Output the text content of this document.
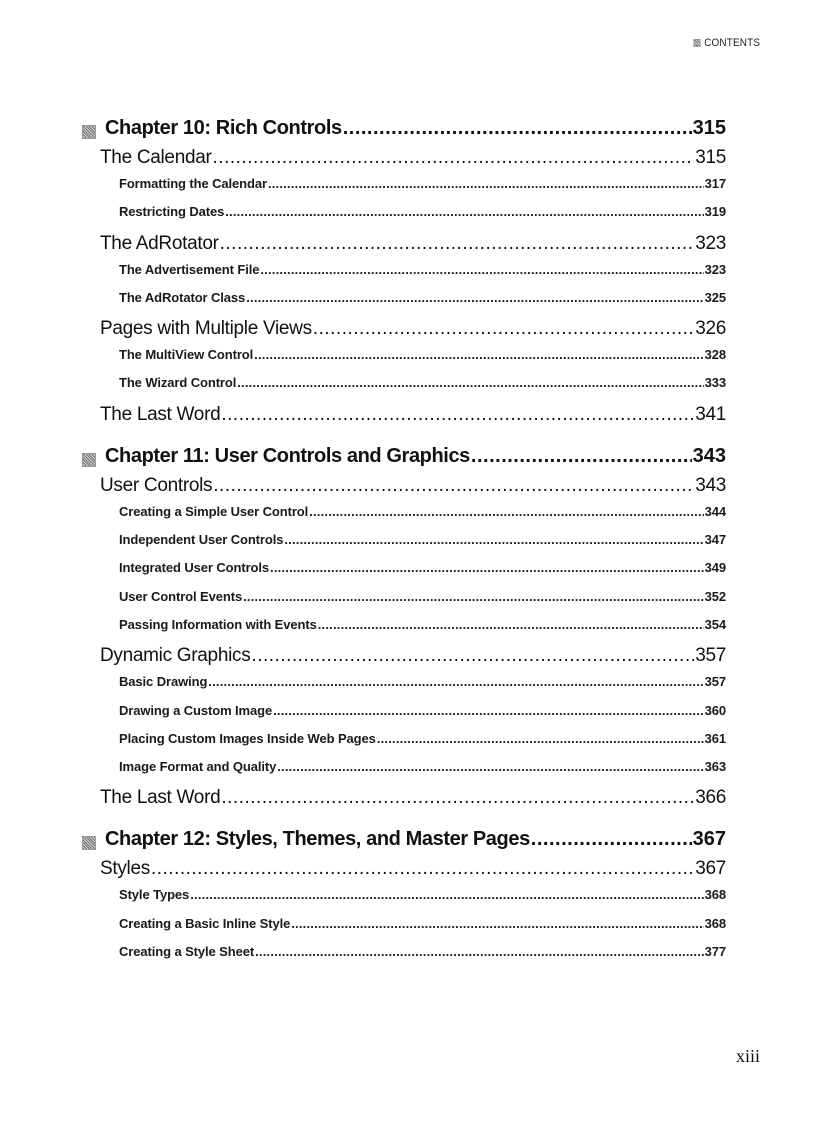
CONTENTS
Chapter 10: Rich Controls .....	315
The Calendar .....	315
Formatting the Calendar .....	317
Restricting Dates .....	319
The AdRotator .....	323
The Advertisement File .....	323
The AdRotator Class .....	325
Pages with Multiple Views .....	326
The MultiView Control .....	328
The Wizard Control .....	333
The Last Word .....	341
Chapter 11: User Controls and Graphics .....	343
User Controls .....	343
Creating a Simple User Control .....	344
Independent User Controls .....	347
Integrated User Controls .....	349
User Control Events .....	352
Passing Information with Events .....	354
Dynamic Graphics .....	357
Basic Drawing .....	357
Drawing a Custom Image .....	360
Placing Custom Images Inside Web Pages .....	361
Image Format and Quality .....	363
The Last Word .....	366
Chapter 12: Styles, Themes, and Master Pages .....	367
Styles .....	367
Style Types .....	368
Creating a Basic Inline Style .....	368
Creating a Style Sheet .....	377
xiii
